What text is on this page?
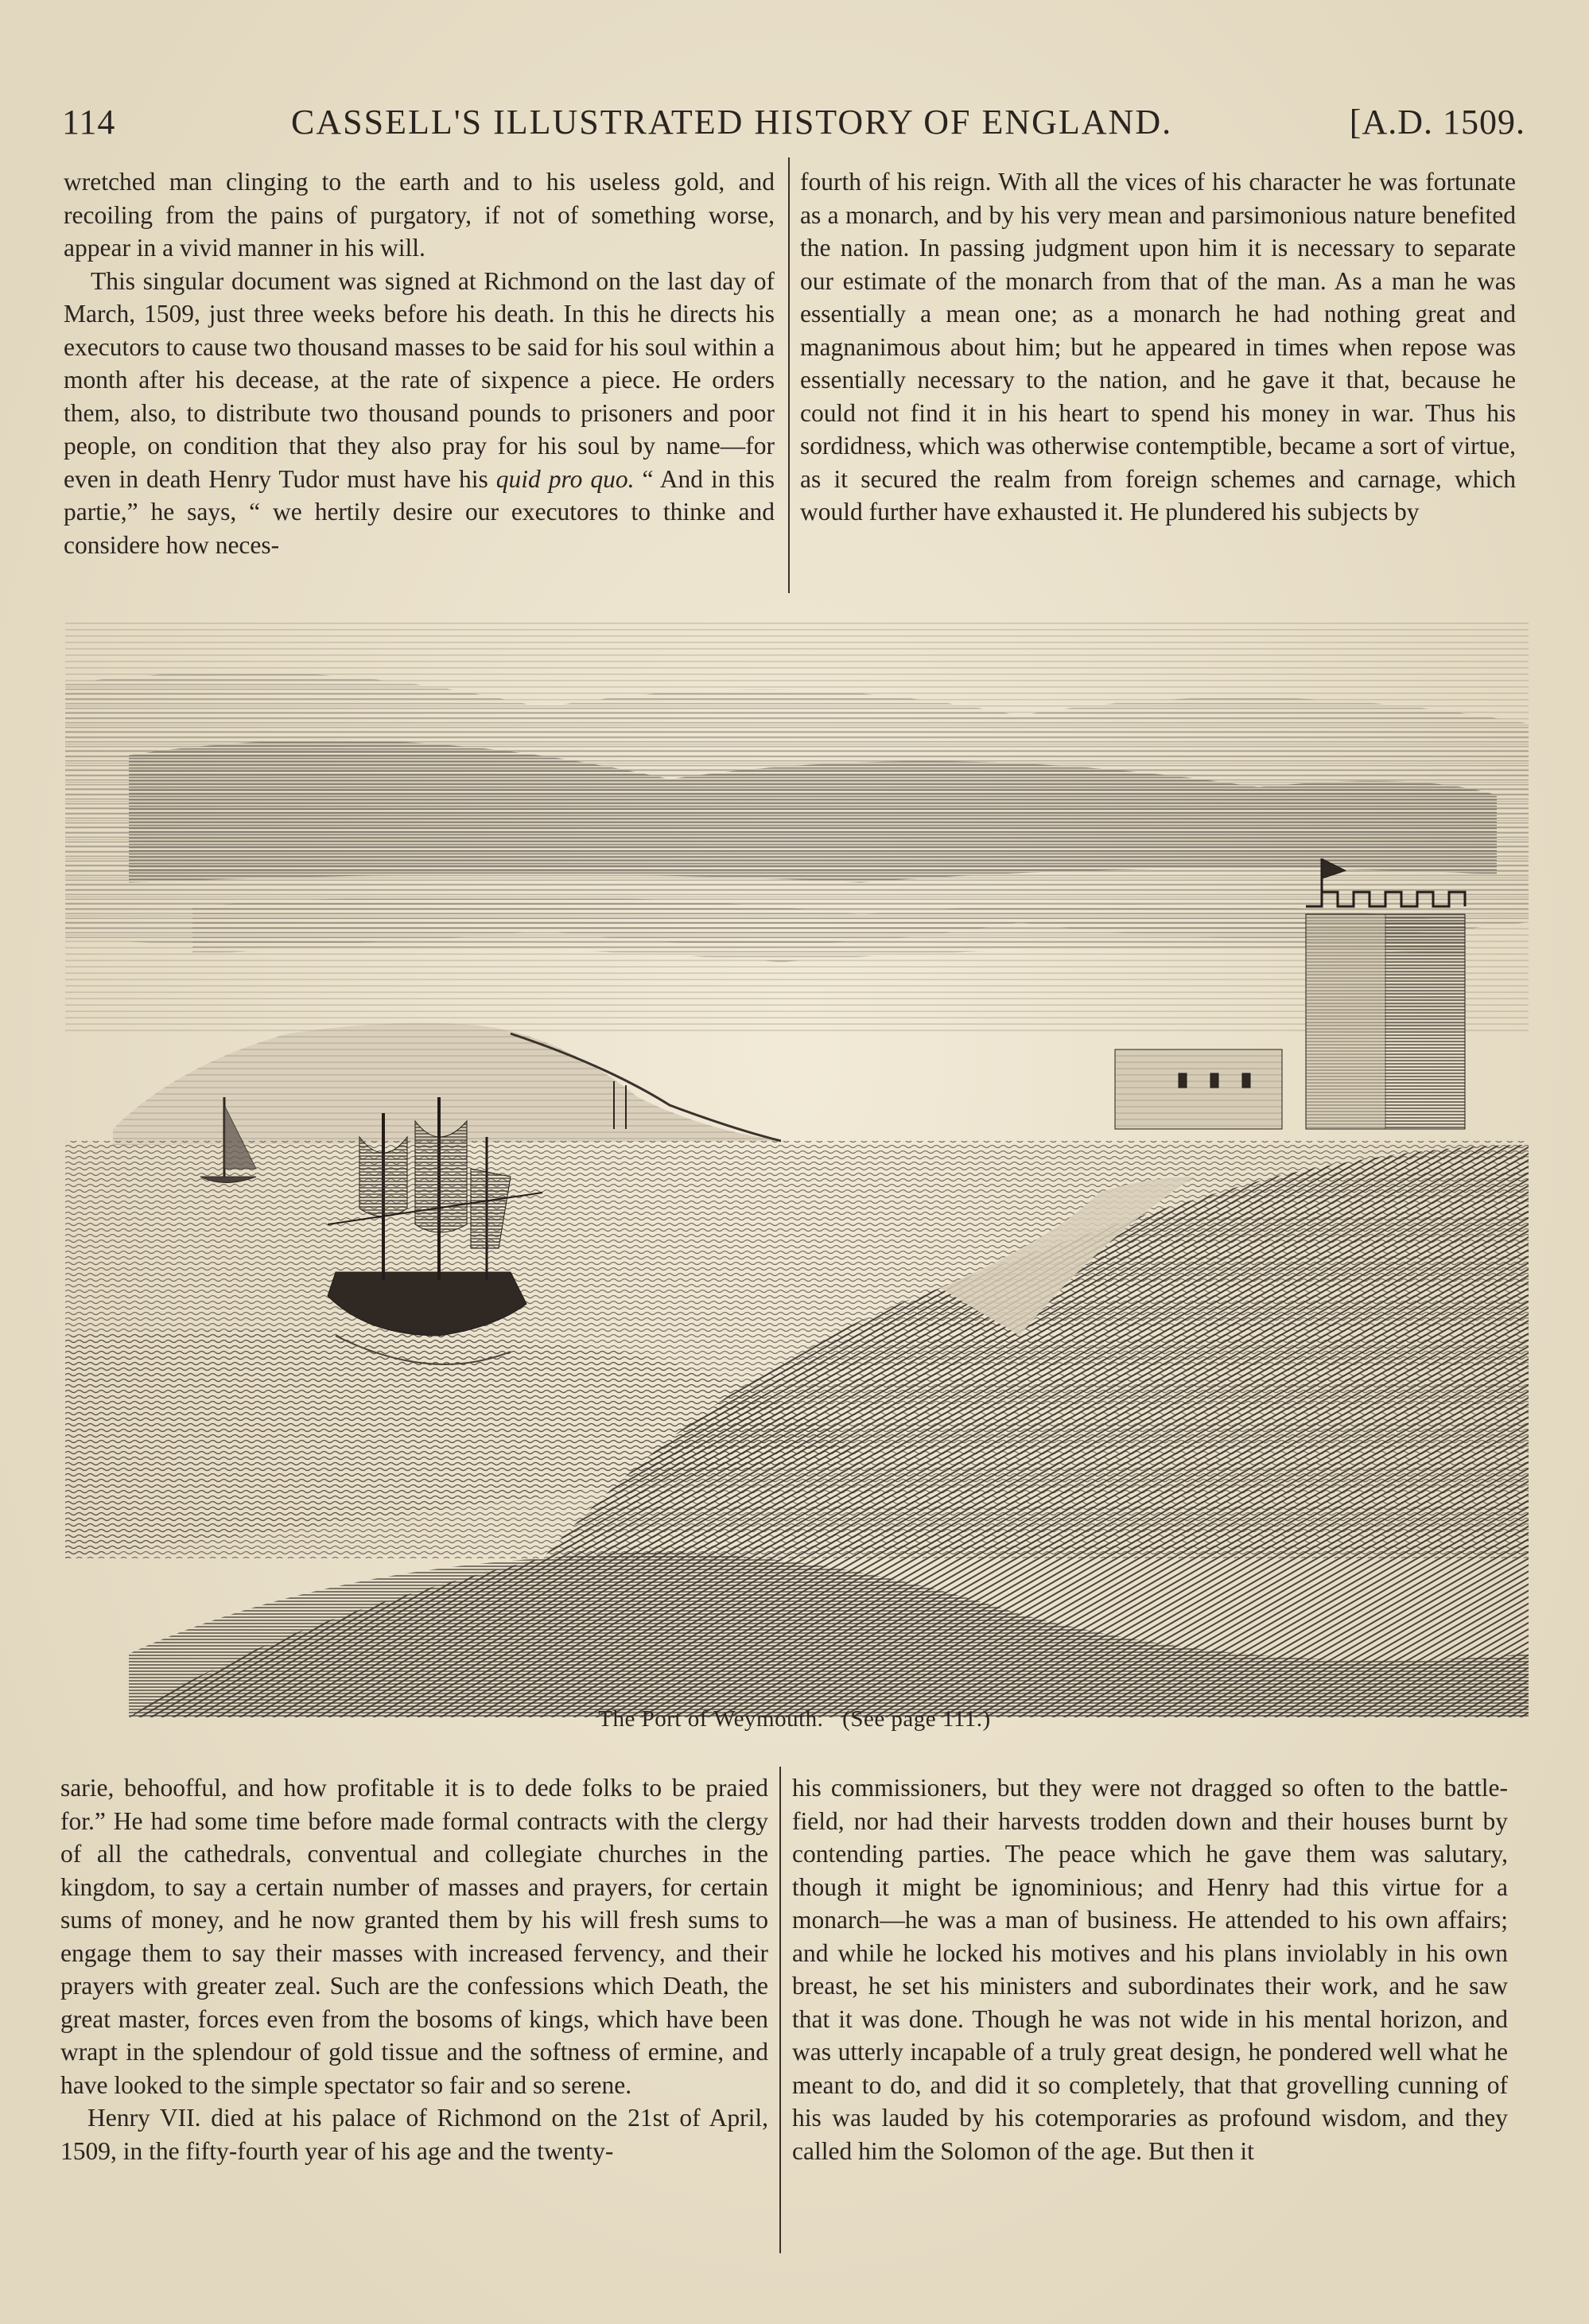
114	CASSELL'S ILLUSTRATED HISTORY OF ENGLAND.	[A.D. 1509.

wretched man clinging to the earth and to his useless gold, and recoiling from the pains of purgatory, if not of something worse, appear in a vivid manner in his will.

This singular document was signed at Richmond on the last day of March, 1509, just three weeks before his death. In this he directs his executors to cause two thousand masses to be said for his soul within a month after his decease, at the rate of sixpence a piece. He orders them, also, to distribute two thousand pounds to prisoners and poor people, on condition that they also pray for his soul by name—for even in death Henry Tudor must have his quid pro quo. “ And in this partie,” he says, “ we hertily desire our executores to thinke and considere how neces-

fourth of his reign. With all the vices of his character he was fortunate as a monarch, and by his very mean and parsimonious nature benefited the nation. In passing judgment upon him it is necessary to separate our estimate of the monarch from that of the man. As a man he was essentially a mean one; as a monarch he had nothing great and magnanimous about him; but he appeared in times when repose was essentially necessary to the nation, and he gave it that, because he could not find it in his heart to spend his money in war. Thus his sordidness, which was otherwise contemptible, became a sort of virtue, as it secured the realm from foreign schemes and carnage, which would further have exhausted it. He plundered his subjects by

The Port of Weymouth. (See page 111.)

sarie, behoofful, and how profitable it is to dede folks to be praied for.” He had some time before made formal contracts with the clergy of all the cathedrals, conventual and collegiate churches in the kingdom, to say a certain number of masses and prayers, for certain sums of money, and he now granted them by his will fresh sums to engage them to say their masses with increased fervency, and their prayers with greater zeal. Such are the confessions which Death, the great master, forces even from the bosoms of kings, which have been wrapt in the splendour of gold tissue and the softness of ermine, and have looked to the simple spectator so fair and so serene.

Henry VII. died at his palace of Richmond on the 21st of April, 1509, in the fifty-fourth year of his age and the twenty-

his commissioners, but they were not dragged so often to the battle-field, nor had their harvests trodden down and their houses burnt by contending parties. The peace which he gave them was salutary, though it might be ignominious; and Henry had this virtue for a monarch—he was a man of business. He attended to his own affairs; and while he locked his motives and his plans inviolably in his own breast, he set his ministers and subordinates their work, and he saw that it was done. Though he was not wide in his mental horizon, and was utterly incapable of a truly great design, he pondered well what he meant to do, and did it so completely, that that grovelling cunning of his was lauded by his cotemporaries as profound wisdom, and they called him the Solomon of the age. But then it
